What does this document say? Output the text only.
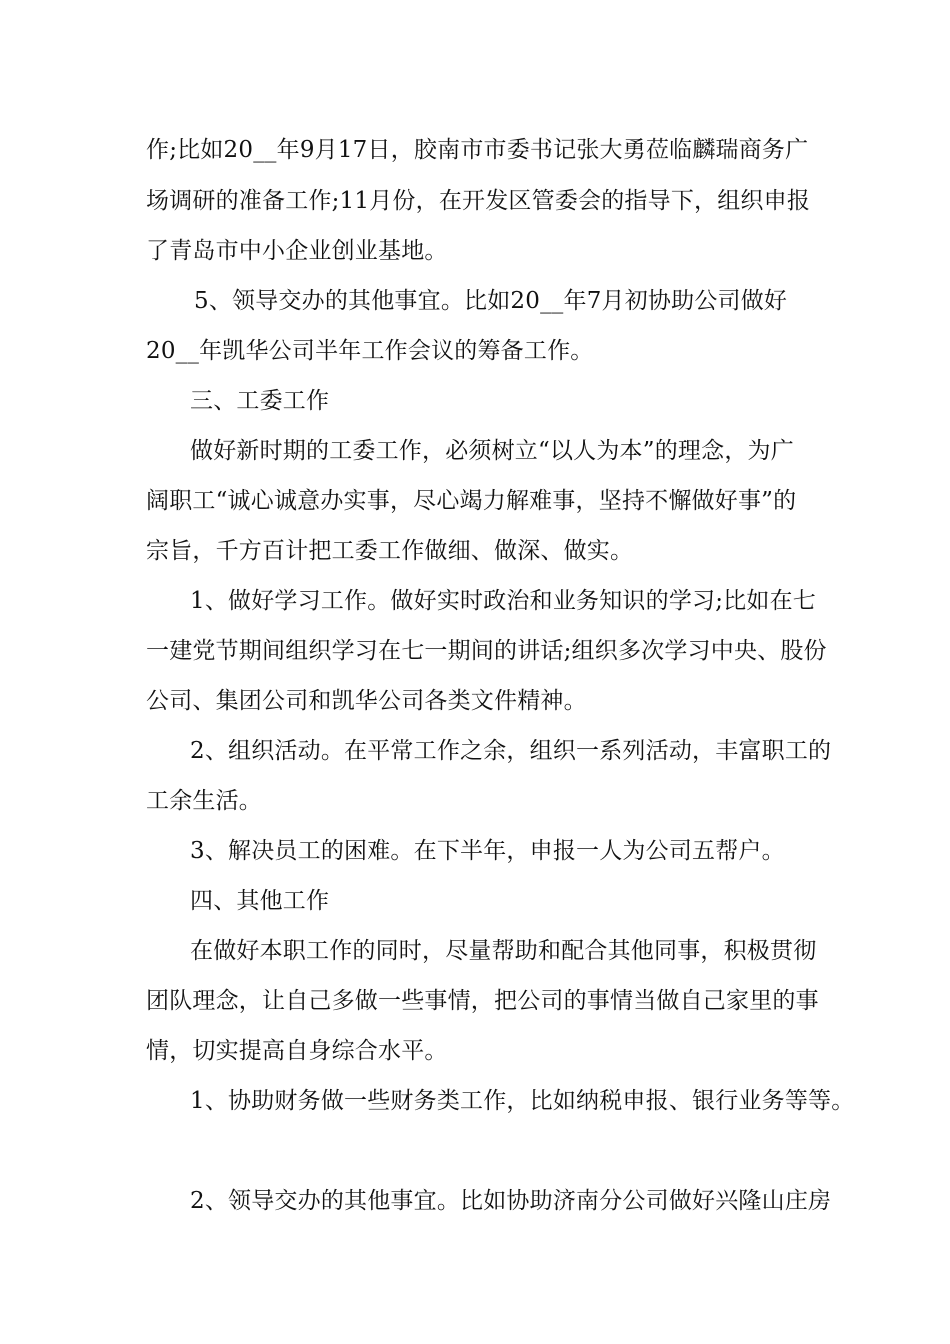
作;比如20__年9月17日，胶南市市委书记张大勇莅临麟瑞商务广
场调研的准备工作;11月份，在开发区管委会的指导下，组织申报
了青岛市中小企业创业基地。
5、领导交办的其他事宜。比如20__年7月初协助公司做好
20__年凯华公司半年工作会议的筹备工作。
三、工委工作
做好新时期的工委工作，必须树立“以人为本”的理念，为广
阔职工“诚心诚意办实事，尽心竭力解难事，坚持不懈做好事”的
宗旨，千方百计把工委工作做细、做深、做实。
1、做好学习工作。做好实时政治和业务知识的学习;比如在七
一建党节期间组织学习在七一期间的讲话;组织多次学习中央、股份
公司、集团公司和凯华公司各类文件精神。
2、组织活动。在平常工作之余，组织一系列活动，丰富职工的
工余生活。
3、解决员工的困难。在下半年，申报一人为公司五帮户。
四、其他工作
在做好本职工作的同时，尽量帮助和配合其他同事，积极贯彻
团队理念，让自己多做一些事情，把公司的事情当做自己家里的事
情，切实提高自身综合水平。
1、协助财务做一些财务类工作，比如纳税申报、银行业务等等。
2、领导交办的其他事宜。比如协助济南分公司做好兴隆山庄房
